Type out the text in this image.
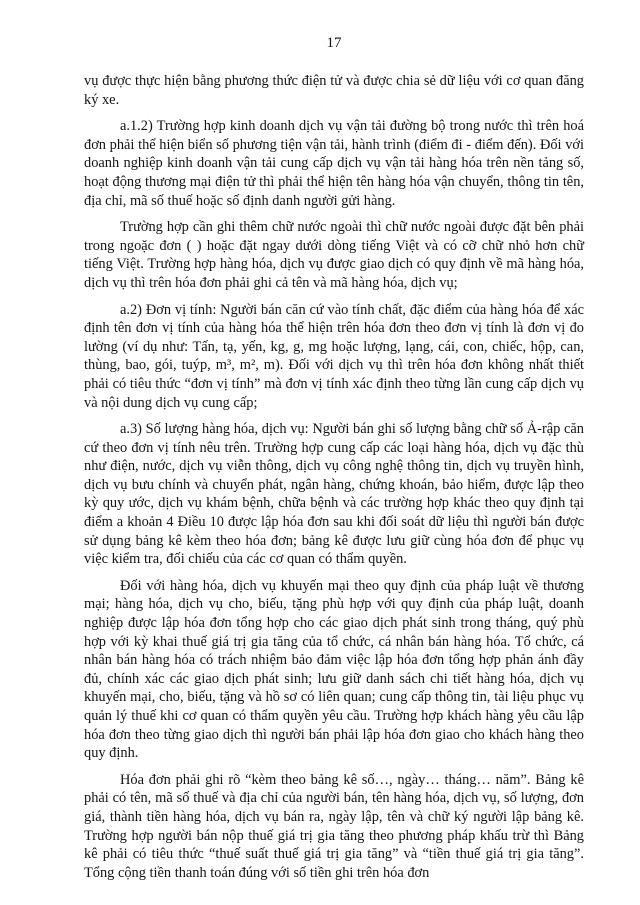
17

vụ được thực hiện bằng phương thức điện tử và được chia sẻ dữ liệu với cơ quan đăng ký xe.

a.1.2) Trường hợp kinh doanh dịch vụ vận tải đường bộ trong nước thì trên hoá đơn phải thể hiện biển số phương tiện vận tải, hành trình (điểm đi - điểm đến). Đối với doanh nghiệp kinh doanh vận tải cung cấp dịch vụ vận tải hàng hóa trên nền tảng số, hoạt động thương mại điện tử thì phải thể hiện tên hàng hóa vận chuyển, thông tin tên, địa chỉ, mã số thuế hoặc số định danh người gửi hàng.

Trường hợp cần ghi thêm chữ nước ngoài thì chữ nước ngoài được đặt bên phải trong ngoặc đơn ( ) hoặc đặt ngay dưới dòng tiếng Việt và có cỡ chữ nhỏ hơn chữ tiếng Việt. Trường hợp hàng hóa, dịch vụ được giao dịch có quy định về mã hàng hóa, dịch vụ thì trên hóa đơn phải ghi cả tên và mã hàng hóa, dịch vụ;

a.2) Đơn vị tính: Người bán căn cứ vào tính chất, đặc điểm của hàng hóa để xác định tên đơn vị tính của hàng hóa thể hiện trên hóa đơn theo đơn vị tính là đơn vị đo lường (ví dụ như: Tấn, tạ, yến, kg, g, mg hoặc lượng, lạng, cái, con, chiếc, hộp, can, thùng, bao, gói, tuýp, m³, m², m). Đối với dịch vụ thì trên hóa đơn không nhất thiết phải có tiêu thức “đơn vị tính” mà đơn vị tính xác định theo từng lần cung cấp dịch vụ và nội dung dịch vụ cung cấp;

a.3) Số lượng hàng hóa, dịch vụ: Người bán ghi số lượng bằng chữ số Ả-rập căn cứ theo đơn vị tính nêu trên. Trường hợp cung cấp các loại hàng hóa, dịch vụ đặc thù như điện, nước, dịch vụ viễn thông, dịch vụ công nghệ thông tin, dịch vụ truyền hình, dịch vụ bưu chính và chuyển phát, ngân hàng, chứng khoán, bảo hiểm, được lập theo kỳ quy ước, dịch vụ khám bệnh, chữa bệnh và các trường hợp khác theo quy định tại điểm a khoản 4 Điều 10 được lập hóa đơn sau khi đối soát dữ liệu thì người bán được sử dụng bảng kê kèm theo hóa đơn; bảng kê được lưu giữ cùng hóa đơn để phục vụ việc kiểm tra, đối chiếu của các cơ quan có thẩm quyền.

Đối với hàng hóa, dịch vụ khuyến mại theo quy định của pháp luật về thương mại; hàng hóa, dịch vụ cho, biếu, tặng phù hợp với quy định của pháp luật, doanh nghiệp được lập hóa đơn tổng hợp cho các giao dịch phát sinh trong tháng, quý phù hợp với kỳ khai thuế giá trị gia tăng của tổ chức, cá nhân bán hàng hóa. Tổ chức, cá nhân bán hàng hóa có trách nhiệm bảo đảm việc lập hóa đơn tổng hợp phản ánh đầy đủ, chính xác các giao dịch phát sinh; lưu giữ danh sách chi tiết hàng hóa, dịch vụ khuyến mại, cho, biếu, tặng và hồ sơ có liên quan; cung cấp thông tin, tài liệu phục vụ quản lý thuế khi cơ quan có thẩm quyền yêu cầu. Trường hợp khách hàng yêu cầu lập hóa đơn theo từng giao dịch thì người bán phải lập hóa đơn giao cho khách hàng theo quy định.

Hóa đơn phải ghi rõ “kèm theo bảng kê số…, ngày… tháng… năm”. Bảng kê phải có tên, mã số thuế và địa chỉ của người bán, tên hàng hóa, dịch vụ, số lượng, đơn giá, thành tiền hàng hóa, dịch vụ bán ra, ngày lập, tên và chữ ký người lập bảng kê. Trường hợp người bán nộp thuế giá trị gia tăng theo phương pháp khấu trừ thì Bảng kê phải có tiêu thức “thuế suất thuế giá trị gia tăng” và “tiền thuế giá trị gia tăng”. Tổng cộng tiền thanh toán đúng với số tiền ghi trên hóa đơn
